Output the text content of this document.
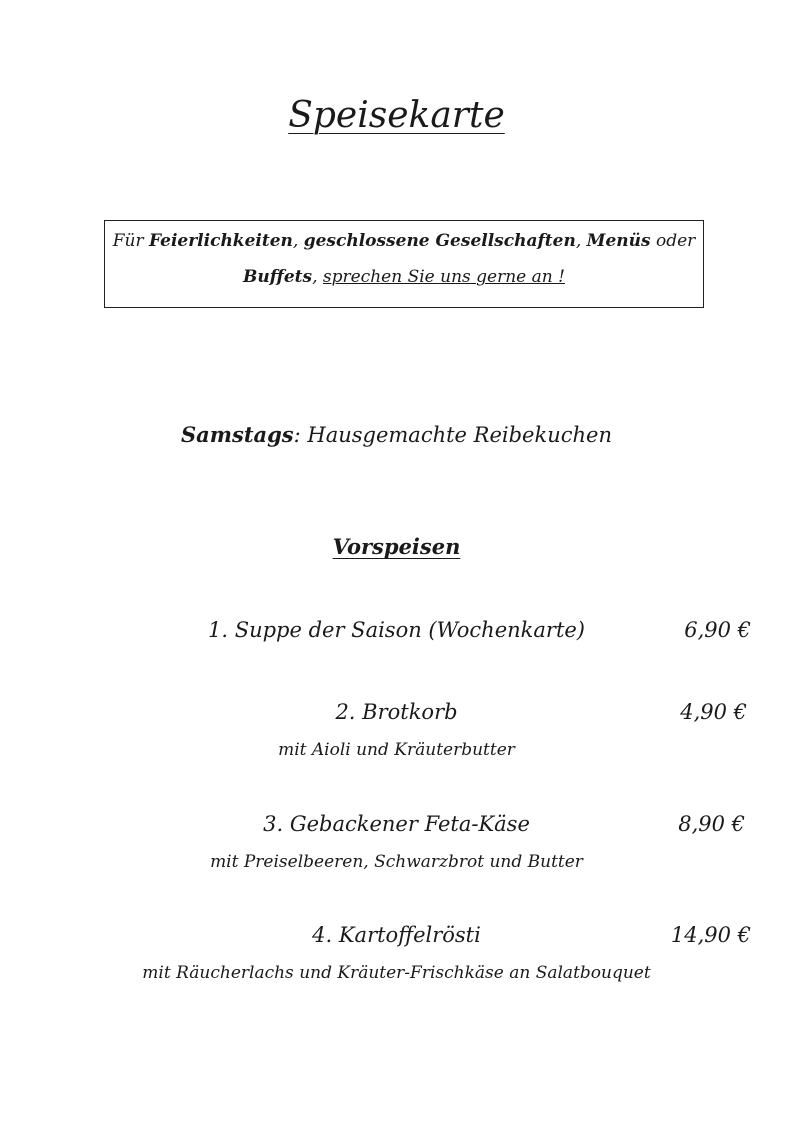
Speisekarte
Für Feierlichkeiten, geschlossene Gesellschaften, Menüs oder
Buffets, sprechen Sie uns gerne an !
Samstags: Hausgemachte Reibekuchen
Vorspeisen
1. Suppe der Saison (Wochenkarte)	6,90 €
2. Brotkorb	4,90 €
mit Aioli und Kräuterbutter
3. Gebackener Feta-Käse	8,90 €
mit Preiselbeeren, Schwarzbrot und Butter
4. Kartoffelrösti	14,90 €
mit Räucherlachs und Kräuter-Frischkäse an Salatbouquet
